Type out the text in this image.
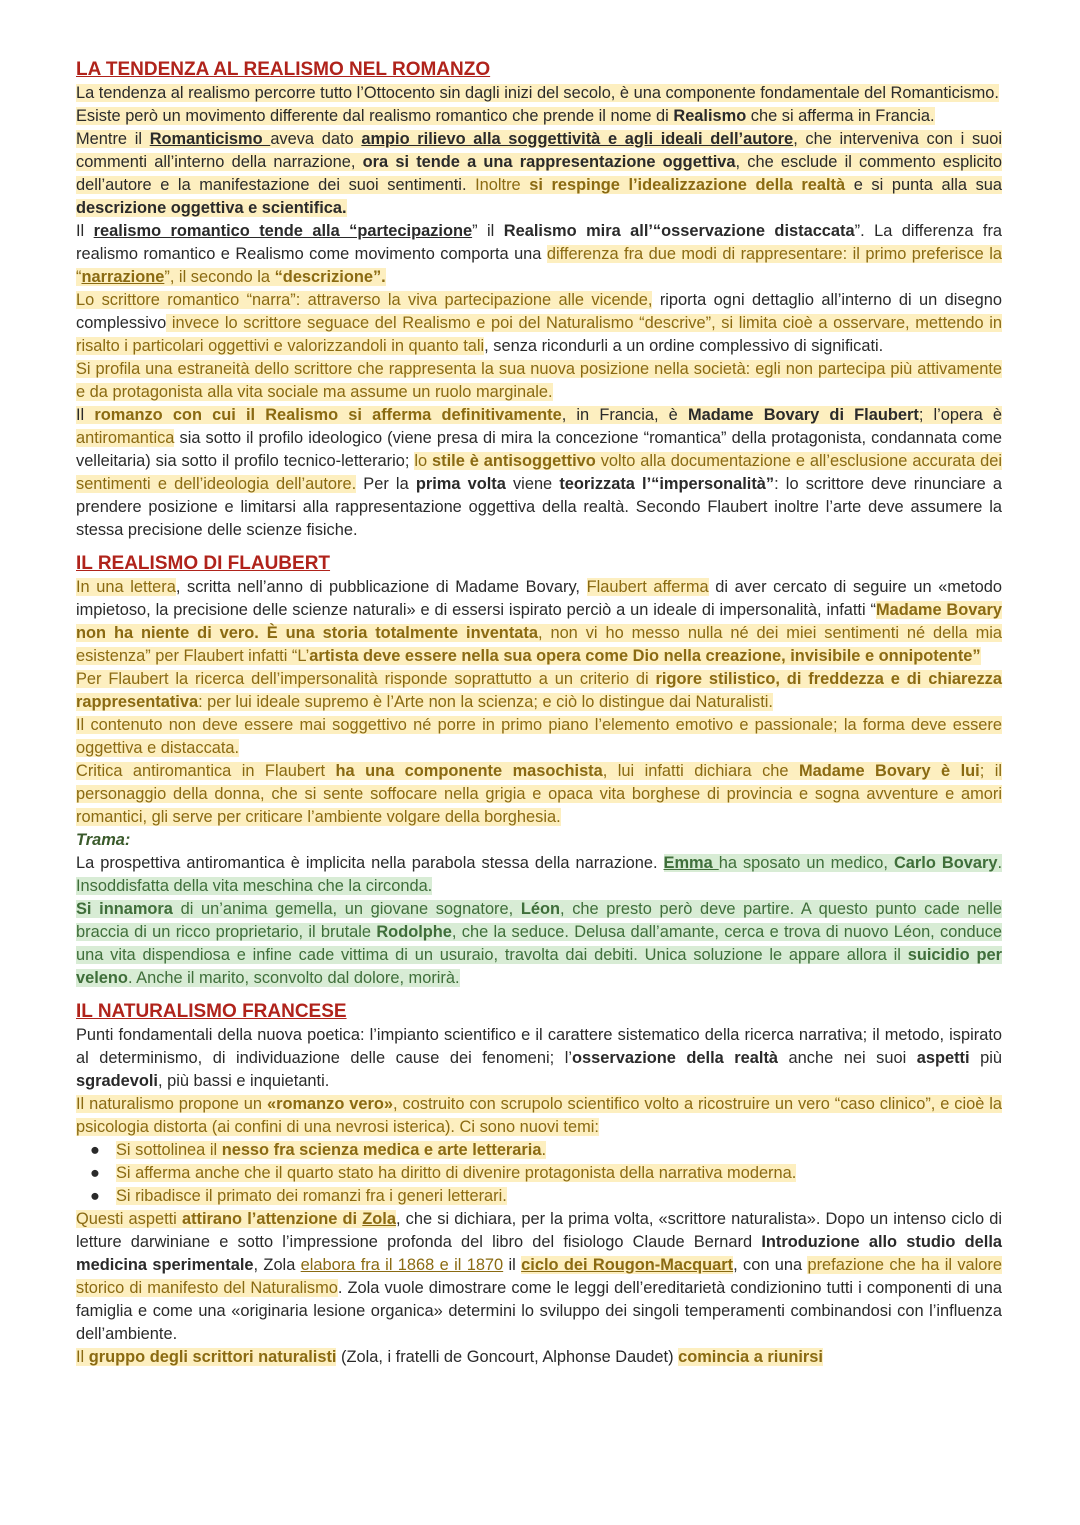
LA TENDENZA AL REALISMO NEL ROMANZO

La tendenza al realismo percorre tutto l’Ottocento sin dagli inizi del secolo, è una componente fondamentale del Romanticismo.

Esiste però un movimento differente dal realismo romantico che prende il nome di Realismo che si afferma in Francia.

Mentre il Romanticismo aveva dato ampio rilievo alla soggettività e agli ideali dell’autore, che interveniva con i suoi commenti all’interno della narrazione, ora si tende a una rappresentazione oggettiva, che esclude il commento esplicito dell’autore e la manifestazione dei suoi sentimenti. Inoltre si respinge l’idealizzazione della realtà e si punta alla sua descrizione oggettiva e scientifica.

Il realismo romantico tende alla “partecipazione” il Realismo mira all’“osservazione distaccata”. La differenza fra realismo romantico e Realismo come movimento comporta una differenza fra due modi di rappresentare: il primo preferisce la “narrazione”, il secondo la “descrizione”.

Lo scrittore romantico “narra”: attraverso la viva partecipazione alle vicende, riporta ogni dettaglio all’interno di un disegno complessivo invece lo scrittore seguace del Realismo e poi del Naturalismo “descrive”, si limita cioè a osservare, mettendo in risalto i particolari oggettivi e valorizzandoli in quanto tali, senza ricondurli a un ordine complessivo di significati.

Si profila una estraneità dello scrittore che rappresenta la sua nuova posizione nella società: egli non partecipa più attivamente e da protagonista alla vita sociale ma assume un ruolo marginale.

Il romanzo con cui il Realismo si afferma definitivamente, in Francia, è Madame Bovary di Flaubert; l’opera è antiromantica sia sotto il profilo ideologico (viene presa di mira la concezione “romantica” della protagonista, condannata come velleitaria) sia sotto il profilo tecnico-letterario; lo stile è antisoggettivo volto alla documentazione e all’esclusione accurata dei sentimenti e dell’ideologia dell’autore. Per la prima volta viene teorizzata l’“impersonalità”: lo scrittore deve rinunciare a prendere posizione e limitarsi alla rappresentazione oggettiva della realtà. Secondo Flaubert inoltre l’arte deve assumere la stessa precisione delle scienze fisiche.

IL REALISMO DI FLAUBERT

In una lettera, scritta nell’anno di pubblicazione di Madame Bovary, Flaubert afferma di aver cercato di seguire un «metodo impietoso, la precisione delle scienze naturali» e di essersi ispirato perciò a un ideale di impersonalità, infatti “Madame Bovary non ha niente di vero. È una storia totalmente inventata, non vi ho messo nulla né dei miei sentimenti né della mia esistenza” per Flaubert infatti “L’artista deve essere nella sua opera come Dio nella creazione, invisibile e onnipotente”

Per Flaubert la ricerca dell’impersonalità risponde soprattutto a un criterio di rigore stilistico, di freddezza e di chiarezza rappresentativa: per lui ideale supremo è l’Arte non la scienza; e ciò lo distingue dai Naturalisti.

Il contenuto non deve essere mai soggettivo né porre in primo piano l’elemento emotivo e passionale; la forma deve essere oggettiva e distaccata.

Critica antiromantica in Flaubert ha una componente masochista, lui infatti dichiara che Madame Bovary è lui; il personaggio della donna, che si sente soffocare nella grigia e opaca vita borghese di provincia e sogna avventure e amori romantici, gli serve per criticare l’ambiente volgare della borghesia.

Trama:

La prospettiva antiromantica è implicita nella parabola stessa della narrazione. Emma ha sposato un medico, Carlo Bovary. Insoddisfatta della vita meschina che la circonda.

Si innamora di un’anima gemella, un giovane sognatore, Léon, che presto però deve partire. A questo punto cade nelle braccia di un ricco proprietario, il brutale Rodolphe, che la seduce. Delusa dall’amante, cerca e trova di nuovo Léon, conduce una vita dispendiosa e infine cade vittima di un usuraio, travolta dai debiti. Unica soluzione le appare allora il suicidio per veleno. Anche il marito, sconvolto dal dolore, morirà.

IL NATURALISMO FRANCESE

Punti fondamentali della nuova poetica: l’impianto scientifico e il carattere sistematico della ricerca narrativa; il metodo, ispirato al determinismo, di individuazione delle cause dei fenomeni; l’osservazione della realtà anche nei suoi aspetti più sgradevoli, più bassi e inquietanti.

Il naturalismo propone un «romanzo vero», costruito con scrupolo scientifico volto a ricostruire un vero “caso clinico”, e cioè la psicologia distorta (ai confini di una nevrosi isterica). Ci sono nuovi temi:

● Si sottolinea il nesso fra scienza medica e arte letteraria.
● Si afferma anche che il quarto stato ha diritto di divenire protagonista della narrativa moderna.
● Si ribadisce il primato dei romanzi fra i generi letterari.

Questi aspetti attirano l’attenzione di Zola, che si dichiara, per la prima volta, «scrittore naturalista». Dopo un intenso ciclo di letture darwiniane e sotto l’impressione profonda del libro del fisiologo Claude Bernard Introduzione allo studio della medicina sperimentale, Zola elabora fra il 1868 e il 1870 il ciclo dei Rougon-Macquart, con una prefazione che ha il valore storico di manifesto del Naturalismo. Zola vuole dimostrare come le leggi dell’ereditarietà condizionino tutti i componenti di una famiglia e come una «originaria lesione organica» determini lo sviluppo dei singoli temperamenti combinandosi con l’influenza dell’ambiente.

Il gruppo degli scrittori naturalisti (Zola, i fratelli de Goncourt, Alphonse Daudet) comincia a riunirsi
